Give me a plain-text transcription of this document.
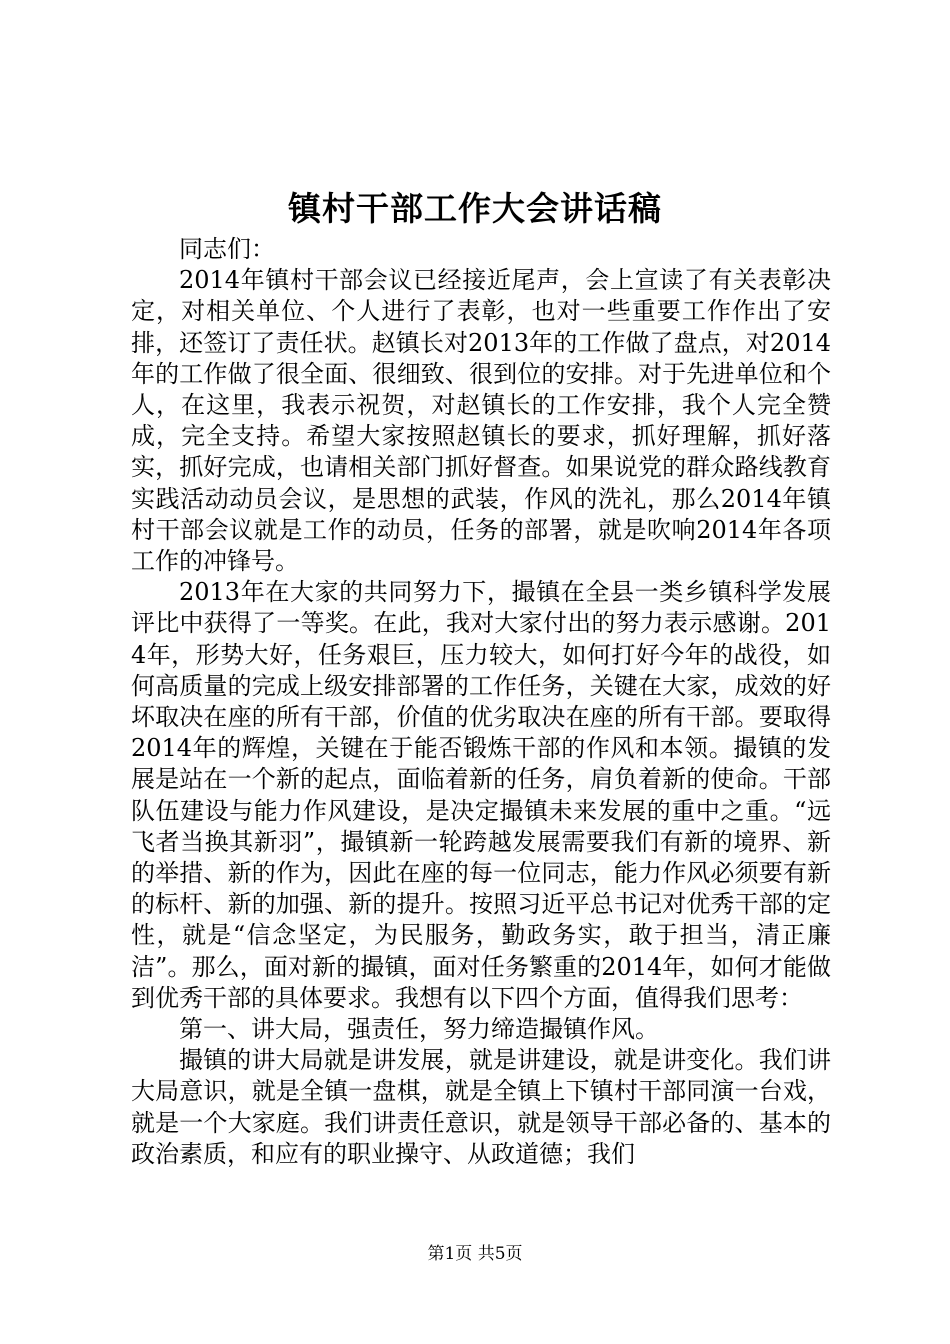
镇村干部工作大会讲话稿

同志们：

2014年镇村干部会议已经接近尾声，会上宣读了有关表彰决定，对相关单位、个人进行了表彰，也对一些重要工作作出了安排，还签订了责任状。赵镇长对2013年的工作做了盘点，对2014年的工作做了很全面、很细致、很到位的安排。对于先进单位和个人，在这里，我表示祝贺，对赵镇长的工作安排，我个人完全赞成，完全支持。希望大家按照赵镇长的要求，抓好理解，抓好落实，抓好完成，也请相关部门抓好督查。如果说党的群众路线教育实践活动动员会议，是思想的武装，作风的洗礼，那么2014年镇村干部会议就是工作的动员，任务的部署，就是吹响2014年各项工作的冲锋号。

2013年在大家的共同努力下，撮镇在全县一类乡镇科学发展评比中获得了一等奖。在此，我对大家付出的努力表示感谢。2014年，形势大好，任务艰巨，压力较大，如何打好今年的战役，如何高质量的完成上级安排部署的工作任务，关键在大家，成效的好坏取决在座的所有干部，价值的优劣取决在座的所有干部。要取得2014年的辉煌，关键在于能否锻炼干部的作风和本领。撮镇的发展是站在一个新的起点，面临着新的任务，肩负着新的使命。干部队伍建设与能力作风建设，是决定撮镇未来发展的重中之重。“远飞者当换其新羽”，撮镇新一轮跨越发展需要我们有新的境界、新的举措、新的作为，因此在座的每一位同志，能力作风必须要有新的标杆、新的加强、新的提升。按照习近平总书记对优秀干部的定性，就是“信念坚定，为民服务，勤政务实，敢于担当，清正廉洁”。那么，面对新的撮镇，面对任务繁重的2014年，如何才能做到优秀干部的具体要求。我想有以下四个方面，值得我们思考：

第一、讲大局，强责任，努力缔造撮镇作风。

撮镇的讲大局就是讲发展，就是讲建设，就是讲变化。我们讲大局意识，就是全镇一盘棋，就是全镇上下镇村干部同演一台戏，就是一个大家庭。我们讲责任意识，就是领导干部必备的、基本的政治素质，和应有的职业操守、从政道德；我们

第1页 共5页
